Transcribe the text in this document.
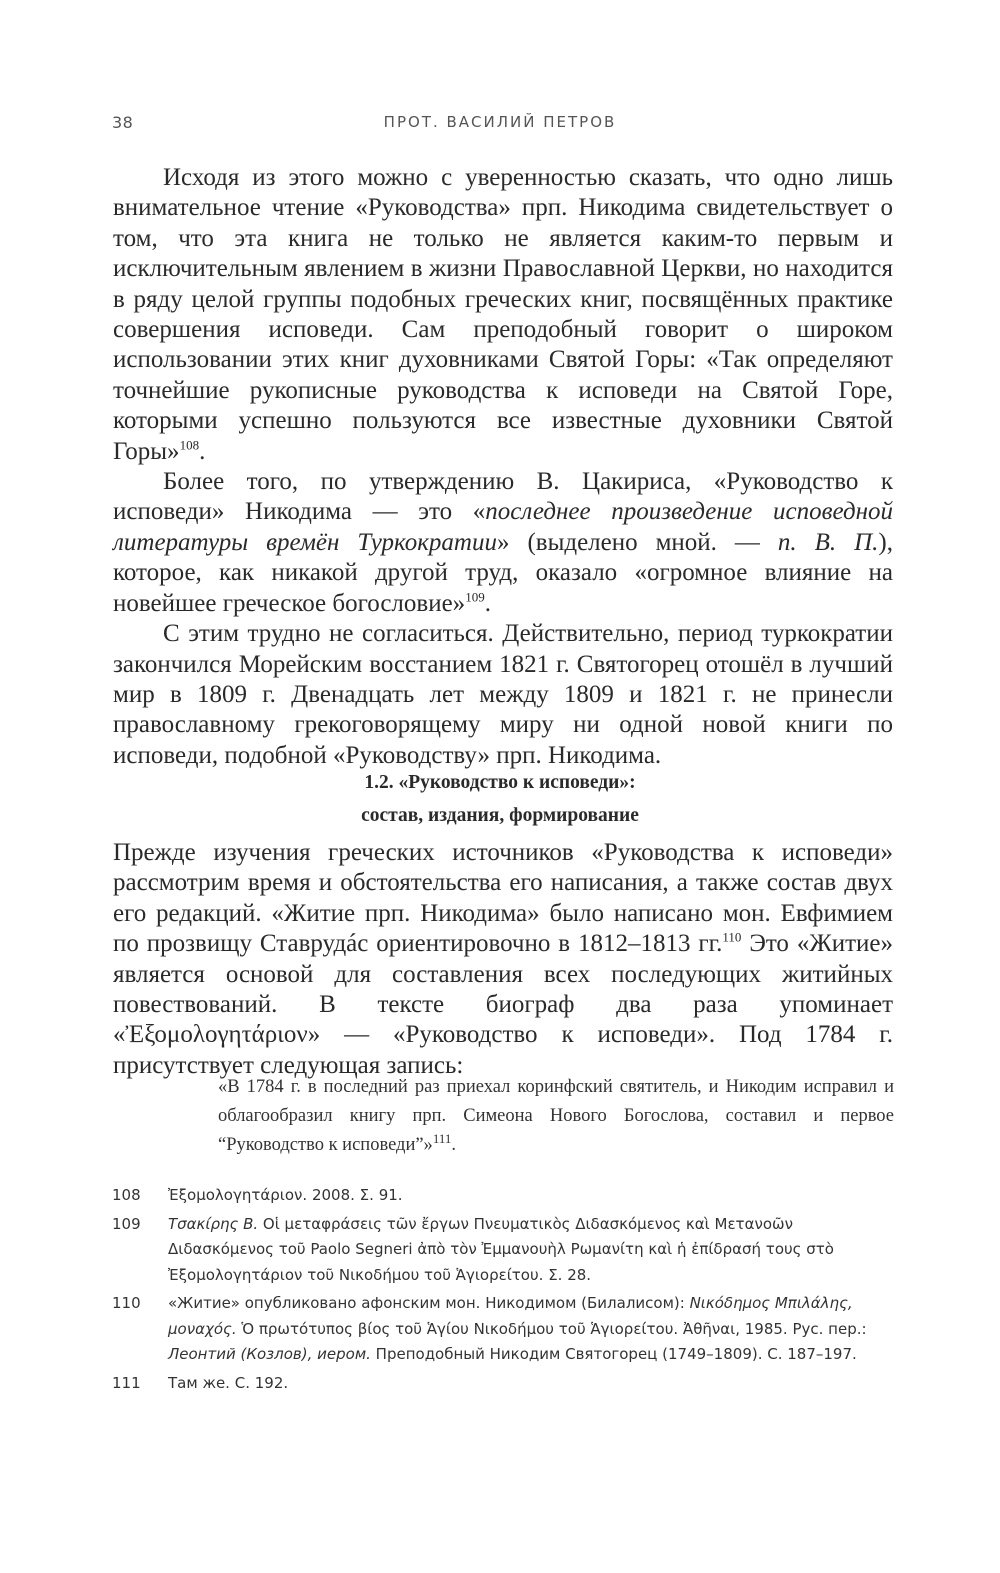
38	ПРОТ. ВАСИЛИЙ ПЕТРОВ

Исходя из этого можно с уверенностью сказать, что одно лишь внимательное чтение «Руководства» прп. Никодима свидетельствует о том, что эта книга не только не является каким-то первым и исключительным явлением в жизни Православной Церкви, но находится в ряду целой группы подобных греческих книг, посвящённых практике совершения исповеди. Сам преподобный говорит о широком использовании этих книг духовниками Святой Горы: «Так определяют точнейшие рукописные руководства к исповеди на Святой Горе, которыми успешно пользуются все известные духовники Святой Горы»$^{108}$.

Более того, по утверждению В. Цакириса, «Руководство к исповеди» Никодима — это «последнее произведение исповедной литературы времён Туркократии» (выделено мной. — п. В. П.), которое, как никакой другой труд, оказало «огромное влияние на новейшее греческое богословие»$^{109}$.

С этим трудно не согласиться. Действительно, период туркократии закончился Морейским восстанием 1821 г. Святогорец отошёл в лучший мир в 1809 г. Двенадцать лет между 1809 и 1821 г. не принесли православному грекоговорящему миру ни одной новой книги по исповеди, подобной «Руководству» прп. Никодима.

1.2. «Руководство к исповеди»:
состав, издания, формирование

Прежде изучения греческих источников «Руководства к исповеди» рассмотрим время и обстоятельства его написания, а также состав двух его редакций. «Житие прп. Никодима» было написано мон. Евфимием по прозвищу Ставрудáс ориентировочно в 1812–1813 гг.$^{110}$ Это «Житие» является основой для составления всех последующих житийных повествований. В тексте биограф два раза упоминает «Ἐξομολογητάριον» — «Руководство к исповеди». Под 1784 г. присутствует следующая запись:

«В 1784 г. в последний раз приехал коринфский святитель, и Никодим исправил и облагообразил книгу прп. Симеона Нового Богослова, составил и первое “Руководство к исповеди”»$^{111}$.
108	Ἐξομολογητάριον. 2008. Σ. 91.
109	Τσακίρης Β. Οἱ μεταφράσεις τῶν ἔργων Πνευματικὸς Διδασκόμενος καὶ Μετανοῶν Διδασκόμενος τοῦ Paolo Segneri ἀπὸ τὸν Ἐμμανουὴλ Ρωμανίτη καὶ ἡ ἐπίδρασή τους στὸ Ἐξομολογητάριον τοῦ Νικοδήμου τοῦ Ἁγιορείτου. Σ. 28.
110	«Житие» опубликовано афонским мон. Никодимом (Билалисом): Νικόδημος Μπιλάλης, μοναχός. Ὁ πρωτότυπος βίος τοῦ Ἁγίου Νικοδήμου τοῦ Ἁγιορείτου. Ἀθῆναι, 1985. Рус. пер.: Леонтий (Козлов), иером. Преподобный Никодим Святогорец (1749–1809). С. 187–197.
111	Там же. С. 192.
